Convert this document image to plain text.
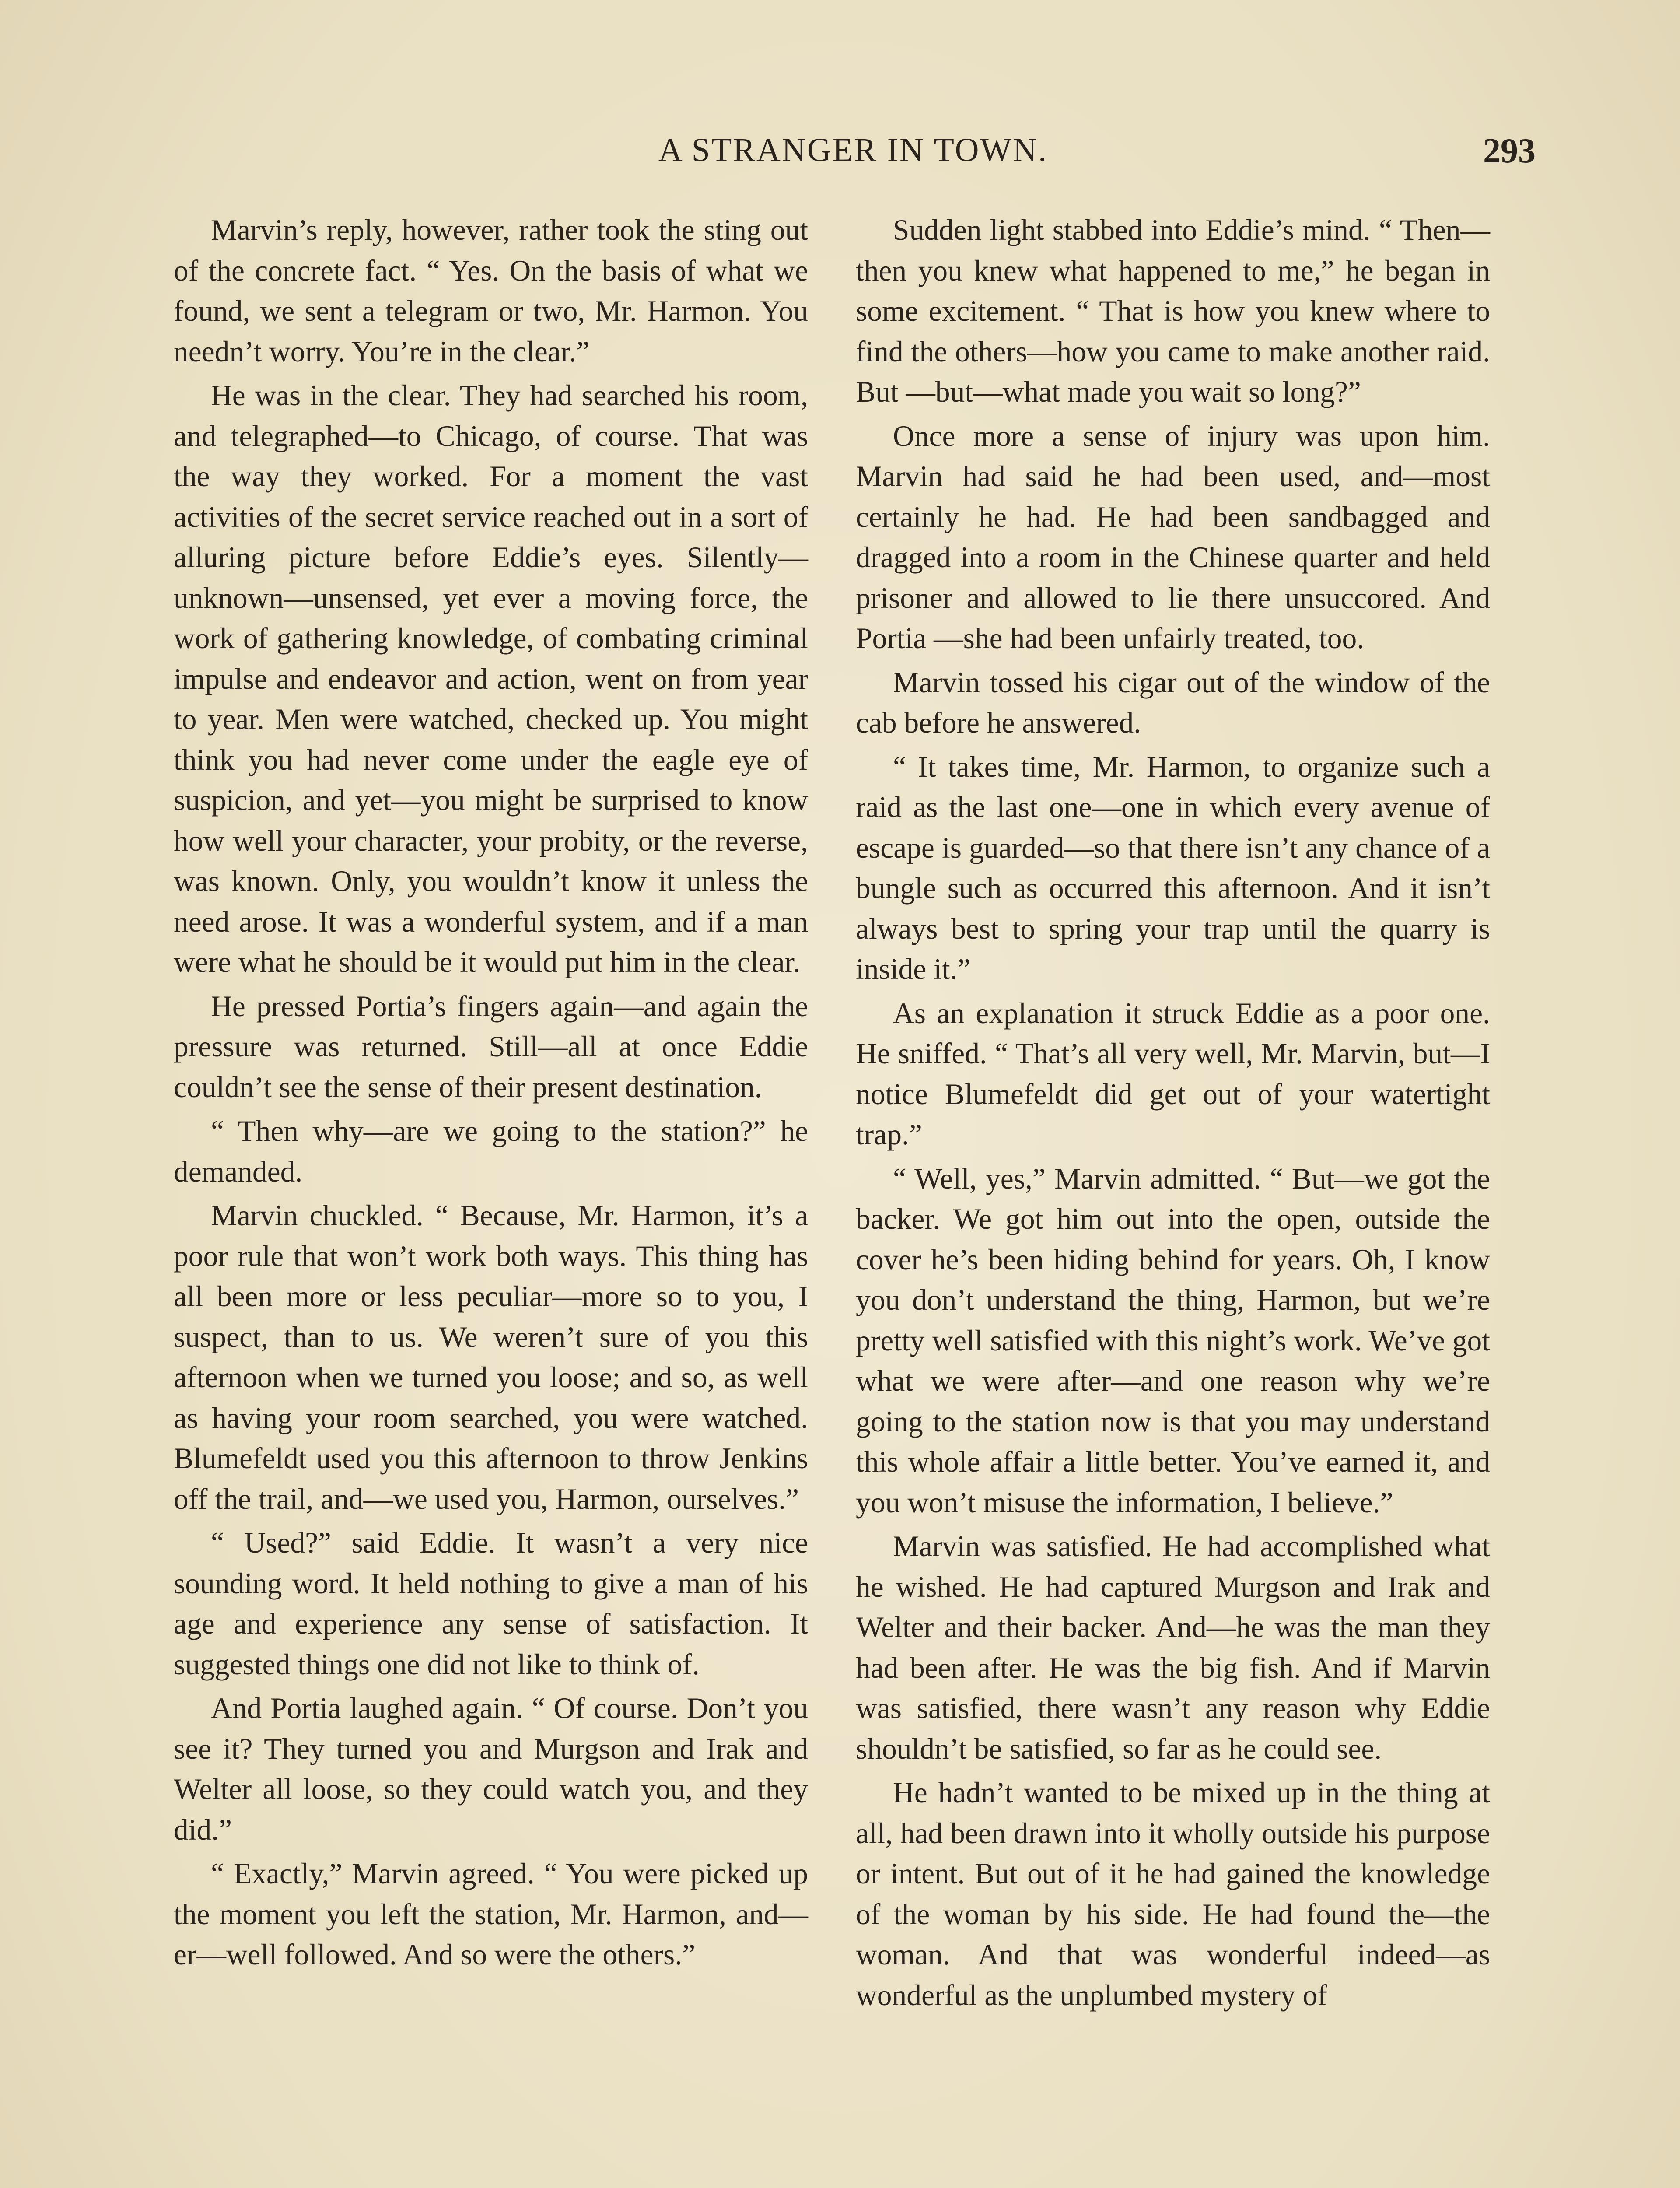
A STRANGER IN TOWN.	293

Marvin’s reply, however, rather took the sting out of the concrete fact. “ Yes. On the basis of what we found, we sent a telegram or two, Mr. Harmon. You needn’t worry. You’re in the clear.”

He was in the clear. They had searched his room, and telegraphed—to Chicago, of course. That was the way they worked. For a moment the vast activities of the secret service reached out in a sort of alluring picture before Eddie’s eyes. Silently—unknown—unsensed, yet ever a moving force, the work of gathering knowledge, of combating criminal impulse and endeavor and action, went on from year to year. Men were watched, checked up. You might think you had never come under the eagle eye of suspicion, and yet—you might be surprised to know how well your character, your probity, or the reverse, was known. Only, you wouldn’t know it unless the need arose. It was a wonderful system, and if a man were what he should be it would put him in the clear.

He pressed Portia’s fingers again—and again the pressure was returned. Still—all at once Eddie couldn’t see the sense of their present destination.

“ Then why—are we going to the station?” he demanded.

Marvin chuckled. “ Because, Mr. Harmon, it’s a poor rule that won’t work both ways. This thing has all been more or less peculiar—more so to you, I suspect, than to us. We weren’t sure of you this afternoon when we turned you loose; and so, as well as having your room searched, you were watched. Blumefeldt used you this afternoon to throw Jenkins off the trail, and—we used you, Harmon, ourselves.”

“ Used?” said Eddie. It wasn’t a very nice sounding word. It held nothing to give a man of his age and experience any sense of satisfaction. It suggested things one did not like to think of.

And Portia laughed again. “ Of course. Don’t you see it? They turned you and Murgson and Irak and Welter all loose, so they could watch you, and they did.”

“ Exactly,” Marvin agreed. “ You were picked up the moment you left the station, Mr. Harmon, and—er—well followed. And so were the others.”

Sudden light stabbed into Eddie’s mind. “ Then—then you knew what happened to me,” he began in some excitement. “ That is how you knew where to find the others—how you came to make another raid. But —but—what made you wait so long?”

Once more a sense of injury was upon him. Marvin had said he had been used, and—most certainly he had. He had been sandbagged and dragged into a room in the Chinese quarter and held prisoner and allowed to lie there unsuccored. And Portia —she had been unfairly treated, too.

Marvin tossed his cigar out of the window of the cab before he answered.

“ It takes time, Mr. Harmon, to organize such a raid as the last one—one in which every avenue of escape is guarded—so that there isn’t any chance of a bungle such as occurred this afternoon. And it isn’t always best to spring your trap until the quarry is inside it.”

As an explanation it struck Eddie as a poor one. He sniffed. “ That’s all very well, Mr. Marvin, but—I notice Blumefeldt did get out of your watertight trap.”

“ Well, yes,” Marvin admitted. “ But—we got the backer. We got him out into the open, outside the cover he’s been hiding behind for years. Oh, I know you don’t understand the thing, Harmon, but we’re pretty well satisfied with this night’s work. We’ve got what we were after—and one reason why we’re going to the station now is that you may understand this whole affair a little better. You’ve earned it, and you won’t misuse the information, I believe.”

Marvin was satisfied. He had accomplished what he wished. He had captured Murgson and Irak and Welter and their backer. And—he was the man they had been after. He was the big fish. And if Marvin was satisfied, there wasn’t any reason why Eddie shouldn’t be satisfied, so far as he could see.

He hadn’t wanted to be mixed up in the thing at all, had been drawn into it wholly outside his purpose or intent. But out of it he had gained the knowledge of the woman by his side. He had found the—the woman. And that was wonderful indeed—as wonderful as the unplumbed mystery of
